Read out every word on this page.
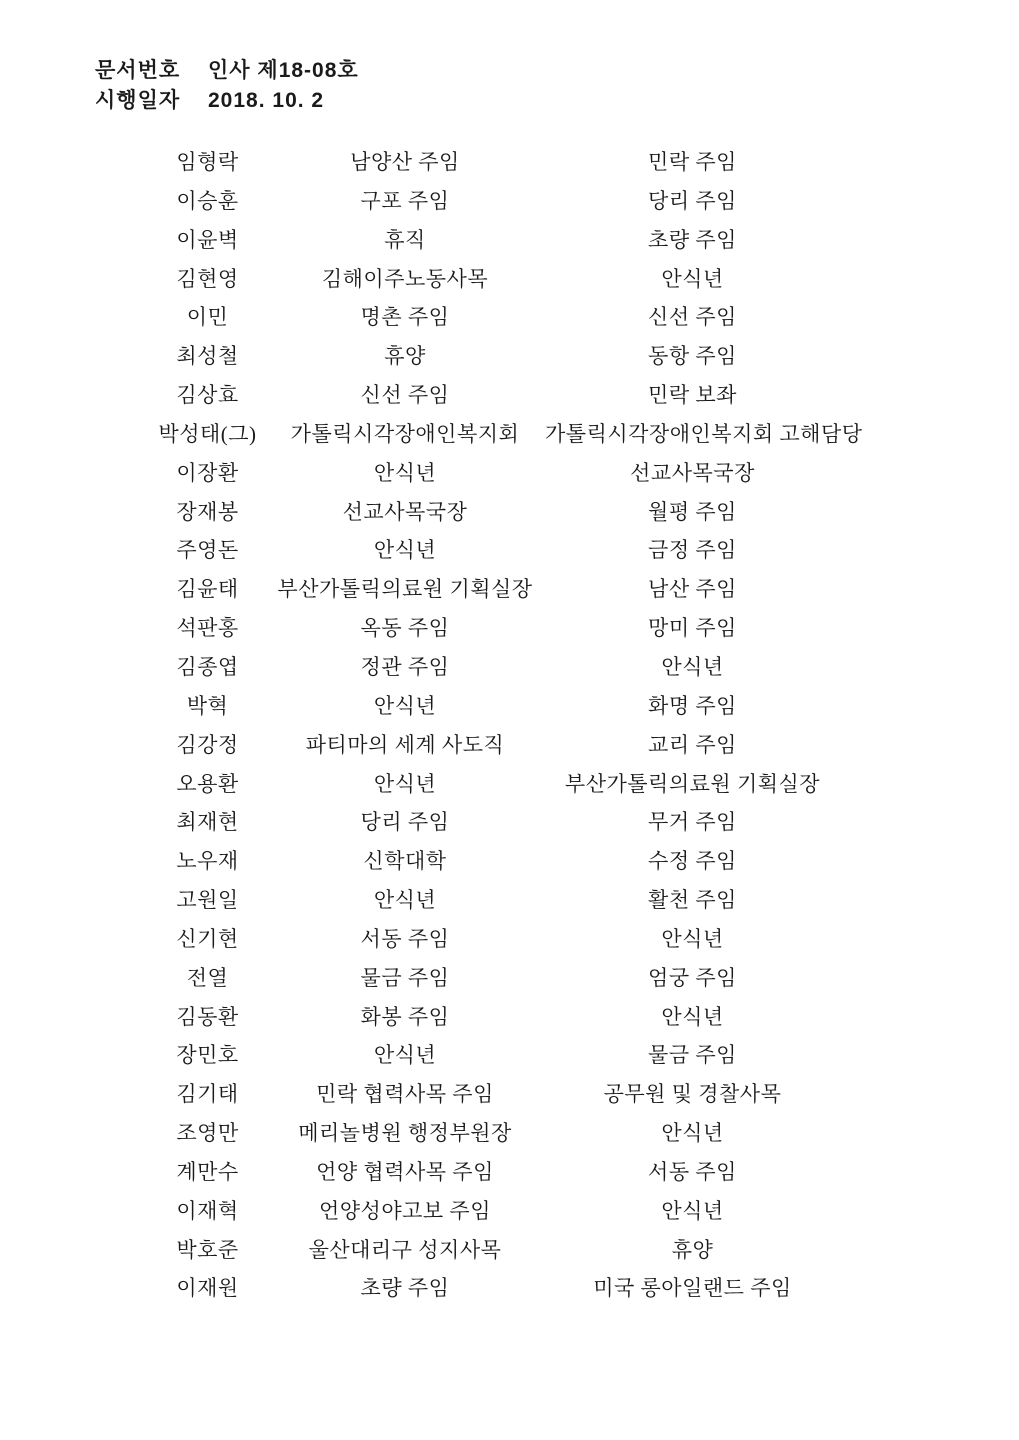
문서번호	인사 제18-08호
시행일자	2018. 10. 2
임형락	남양산 주임	민락 주임
이승훈	구포 주임	당리 주임
이윤벽	휴직	초량 주임
김현영	김해이주노동사목	안식년
이민	명촌 주임	신선 주임
최성철	휴양	동항 주임
김상효	신선 주임	민락 보좌
박성태(그)	가톨릭시각장애인복지회	가톨릭시각장애인복지회 고해담당
이장환	안식년	선교사목국장
장재봉	선교사목국장	월평 주임
주영돈	안식년	금정 주임
김윤태	부산가톨릭의료원 기획실장	남산 주임
석판홍	옥동 주임	망미 주임
김종엽	정관 주임	안식년
박혁	안식년	화명 주임
김강정	파티마의 세계 사도직	교리 주임
오용환	안식년	부산가톨릭의료원 기획실장
최재현	당리 주임	무거 주임
노우재	신학대학	수정 주임
고원일	안식년	활천 주임
신기현	서동 주임	안식년
전열	물금 주임	엄궁 주임
김동환	화봉 주임	안식년
장민호	안식년	물금 주임
김기태	민락 협력사목 주임	공무원 및 경찰사목
조영만	메리놀병원 행정부원장	안식년
계만수	언양 협력사목 주임	서동 주임
이재혁	언양성야고보 주임	안식년
박호준	울산대리구 성지사목	휴양
이재원	초량 주임	미국 롱아일랜드 주임
